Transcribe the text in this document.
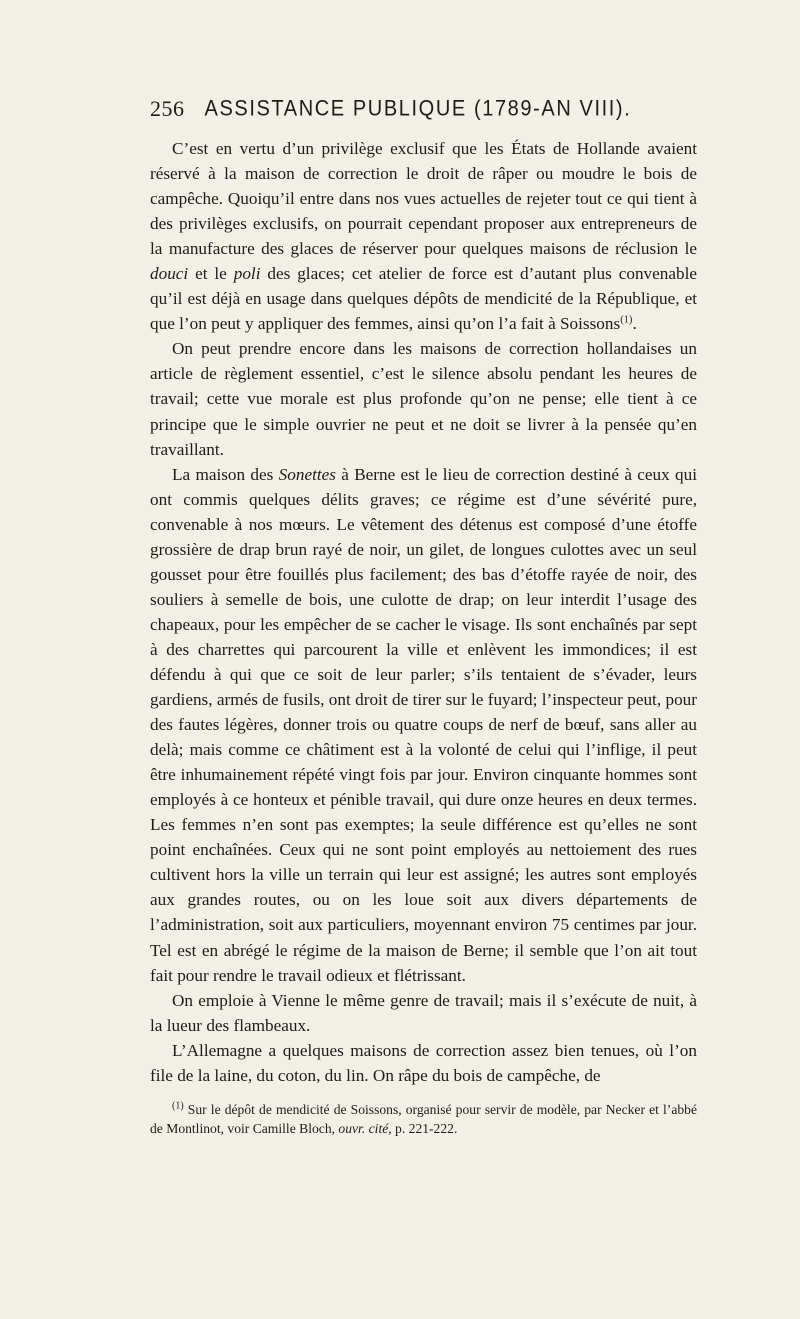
256 ASSISTANCE PUBLIQUE (1789-AN VIII).

C’est en vertu d’un privilège exclusif que les États de Hollande avaient réservé à la maison de correction le droit de râper ou moudre le bois de campêche. Quoiqu’il entre dans nos vues actuelles de rejeter tout ce qui tient à des privilèges exclusifs, on pourrait cependant proposer aux entrepreneurs de la manufacture des glaces de réserver pour quelques maisons de réclusion le douci et le poli des glaces; cet atelier de force est d’autant plus convenable qu’il est déjà en usage dans quelques dépôts de mendicité de la République, et que l’on peut y appliquer des femmes, ainsi qu’on l’a fait à Soissons$^{(1)}$.

On peut prendre encore dans les maisons de correction hollandaises un article de règlement essentiel, c’est le silence absolu pendant les heures de travail; cette vue morale est plus profonde qu’on ne pense; elle tient à ce principe que le simple ouvrier ne peut et ne doit se livrer à la pensée qu’en travaillant.

La maison des Sonettes à Berne est le lieu de correction destiné à ceux qui ont commis quelques délits graves; ce régime est d’une sévérité pure, convenable à nos mœurs. Le vêtement des détenus est composé d’une étoffe grossière de drap brun rayé de noir, un gilet, de longues culottes avec un seul gousset pour être fouillés plus facilement; des bas d’étoffe rayée de noir, des souliers à semelle de bois, une culotte de drap; on leur interdit l’usage des chapeaux, pour les empêcher de se cacher le visage. Ils sont enchaînés par sept à des charrettes qui parcourent la ville et enlèvent les immondices; il est défendu à qui que ce soit de leur parler; s’ils tentaient de s’évader, leurs gardiens, armés de fusils, ont droit de tirer sur le fuyard; l’inspecteur peut, pour des fautes légères, donner trois ou quatre coups de nerf de bœuf, sans aller au delà; mais comme ce châtiment est à la volonté de celui qui l’inflige, il peut être inhumainement répété vingt fois par jour. Environ cinquante hommes sont employés à ce honteux et pénible travail, qui dure onze heures en deux termes. Les femmes n’en sont pas exemptes; la seule différence est qu’elles ne sont point enchaînées. Ceux qui ne sont point employés au nettoiement des rues cultivent hors la ville un terrain qui leur est assigné; les autres sont employés aux grandes routes, ou on les loue soit aux divers départements de l’administration, soit aux particuliers, moyennant environ 75 centimes par jour. Tel est en abrégé le régime de la maison de Berne; il semble que l’on ait tout fait pour rendre le travail odieux et flétrissant.

On emploie à Vienne le même genre de travail; mais il s’exécute de nuit, à la lueur des flambeaux.

L’Allemagne a quelques maisons de correction assez bien tenues, où l’on file de la laine, du coton, du lin. On râpe du bois de campêche, de

$^{(1)}$ Sur le dépôt de mendicité de Soissons, organisé pour servir de modèle, par Necker et l’abbé de Montlinot, voir Camille Bloch, ouvr. cité, p. 221-222.
